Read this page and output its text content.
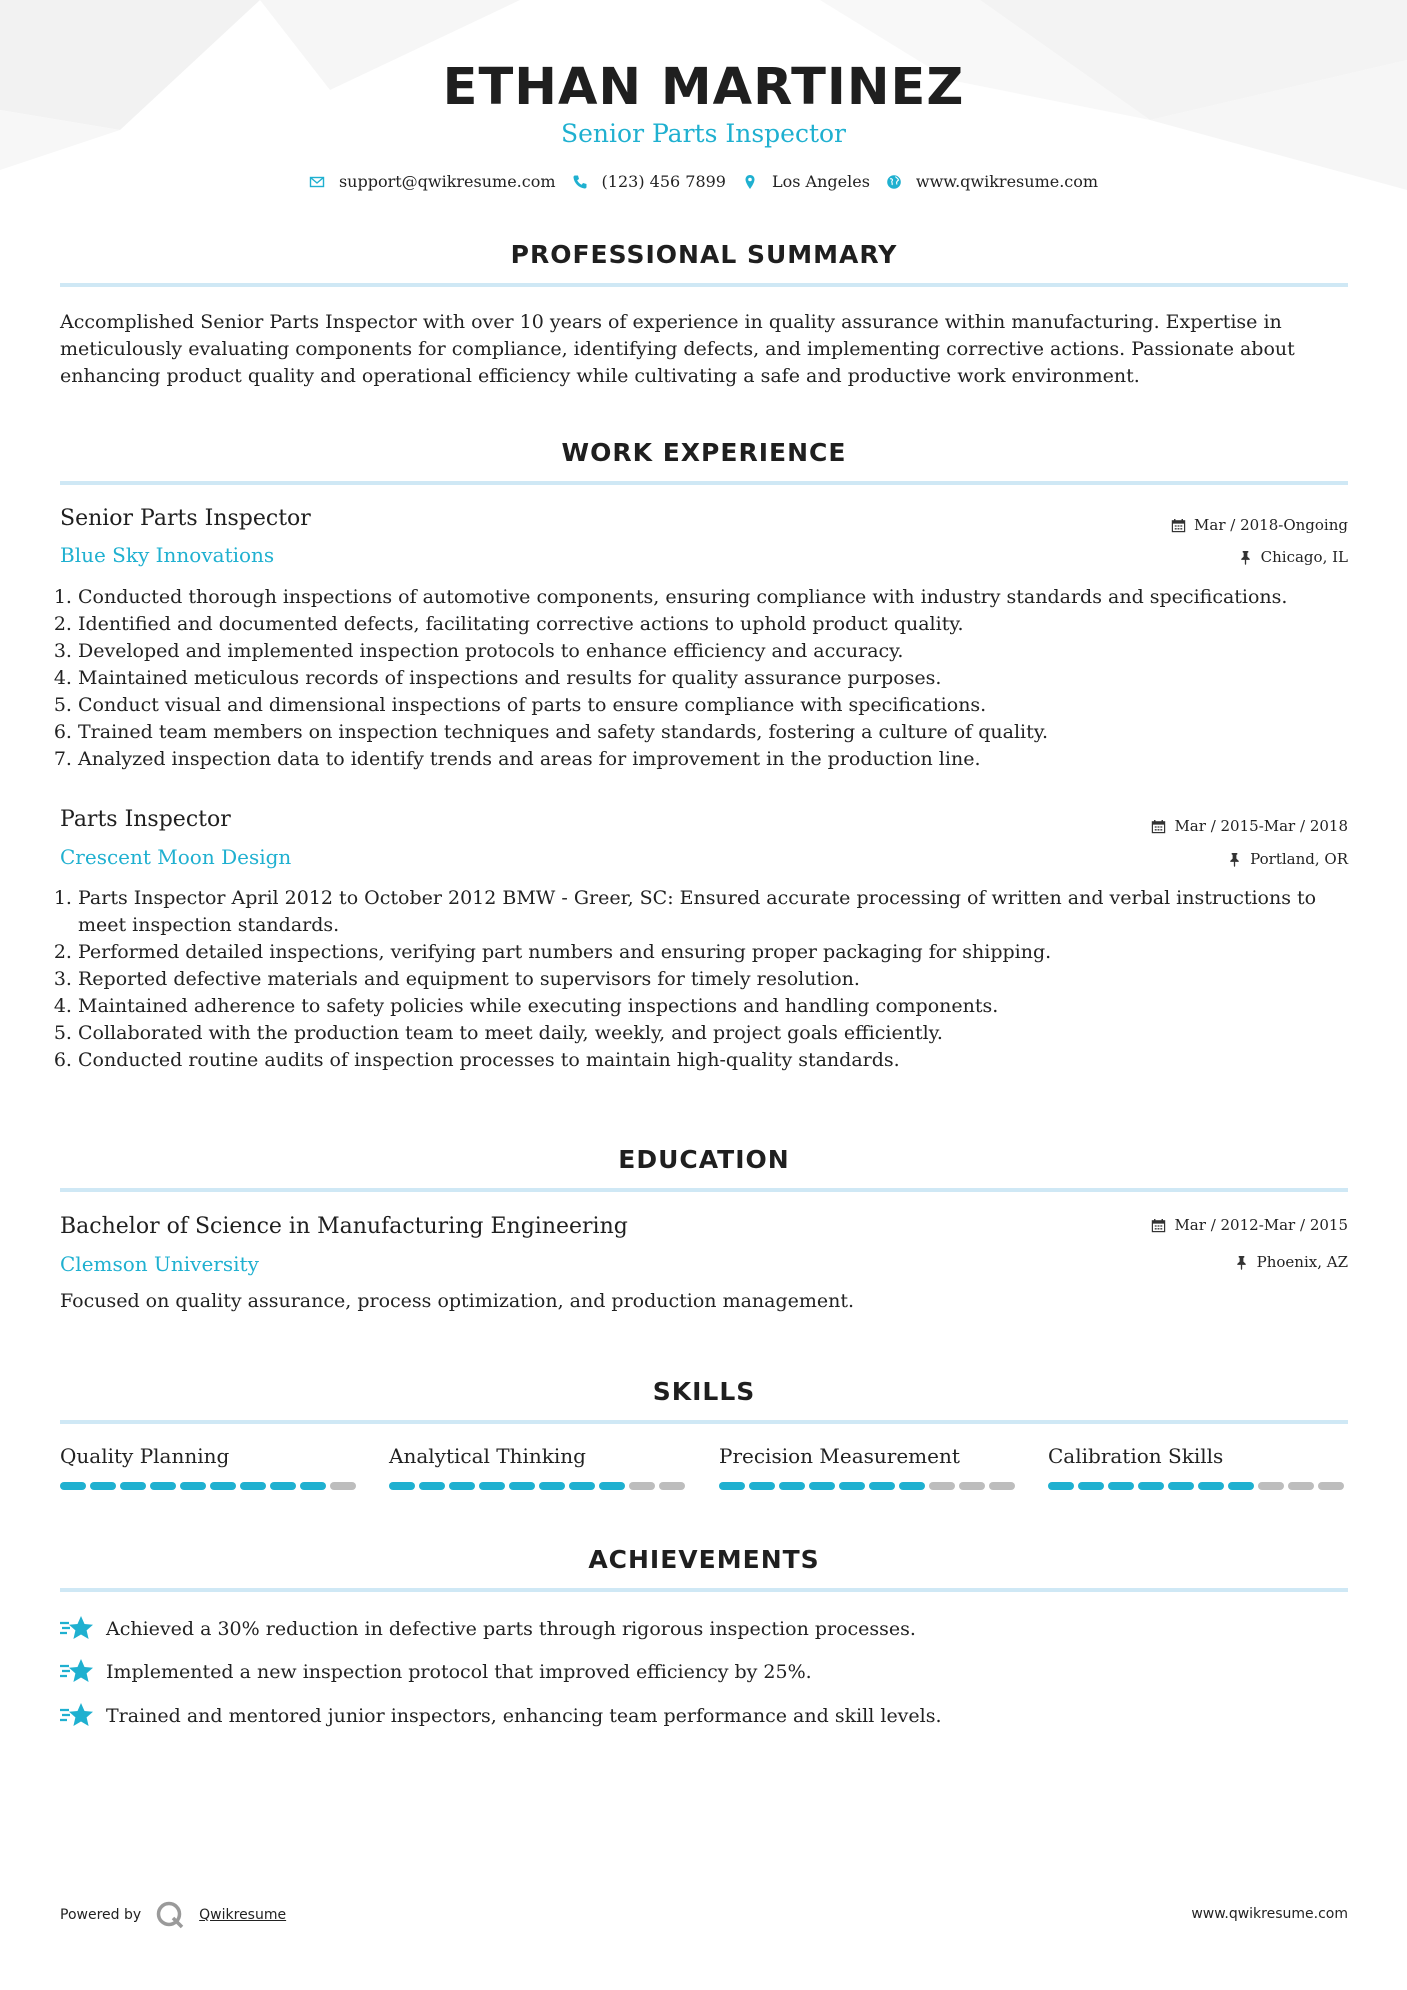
ETHAN MARTINEZ
Senior Parts Inspector
support@qwikresume.com	(123) 456 7899	Los Angeles	www.qwikresume.com
PROFESSIONAL SUMMARY
Accomplished Senior Parts Inspector with over 10 years of experience in quality assurance within manufacturing. Expertise in meticulously evaluating components for compliance, identifying defects, and implementing corrective actions. Passionate about enhancing product quality and operational efficiency while cultivating a safe and productive work environment.
WORK EXPERIENCE
Senior Parts Inspector
Blue Sky Innovations
Mar / 2018-Ongoing
Chicago, IL
1. Conducted thorough inspections of automotive components, ensuring compliance with industry standards and specifications.
2. Identified and documented defects, facilitating corrective actions to uphold product quality.
3. Developed and implemented inspection protocols to enhance efficiency and accuracy.
4. Maintained meticulous records of inspections and results for quality assurance purposes.
5. Conduct visual and dimensional inspections of parts to ensure compliance with specifications.
6. Trained team members on inspection techniques and safety standards, fostering a culture of quality.
7. Analyzed inspection data to identify trends and areas for improvement in the production line.
Parts Inspector
Crescent Moon Design
Mar / 2015-Mar / 2018
Portland, OR
1. Parts Inspector April 2012 to October 2012 BMW - Greer, SC: Ensured accurate processing of written and verbal instructions to meet inspection standards.
2. Performed detailed inspections, verifying part numbers and ensuring proper packaging for shipping.
3. Reported defective materials and equipment to supervisors for timely resolution.
4. Maintained adherence to safety policies while executing inspections and handling components.
5. Collaborated with the production team to meet daily, weekly, and project goals efficiently.
6. Conducted routine audits of inspection processes to maintain high-quality standards.
EDUCATION
Bachelor of Science in Manufacturing Engineering
Clemson University
Mar / 2012-Mar / 2015
Phoenix, AZ
Focused on quality assurance, process optimization, and production management.
SKILLS
Quality Planning	Analytical Thinking	Precision Measurement	Calibration Skills
ACHIEVEMENTS
Achieved a 30% reduction in defective parts through rigorous inspection processes.
Implemented a new inspection protocol that improved efficiency by 25%.
Trained and mentored junior inspectors, enhancing team performance and skill levels.
Powered by	Qwikresume	www.qwikresume.com
